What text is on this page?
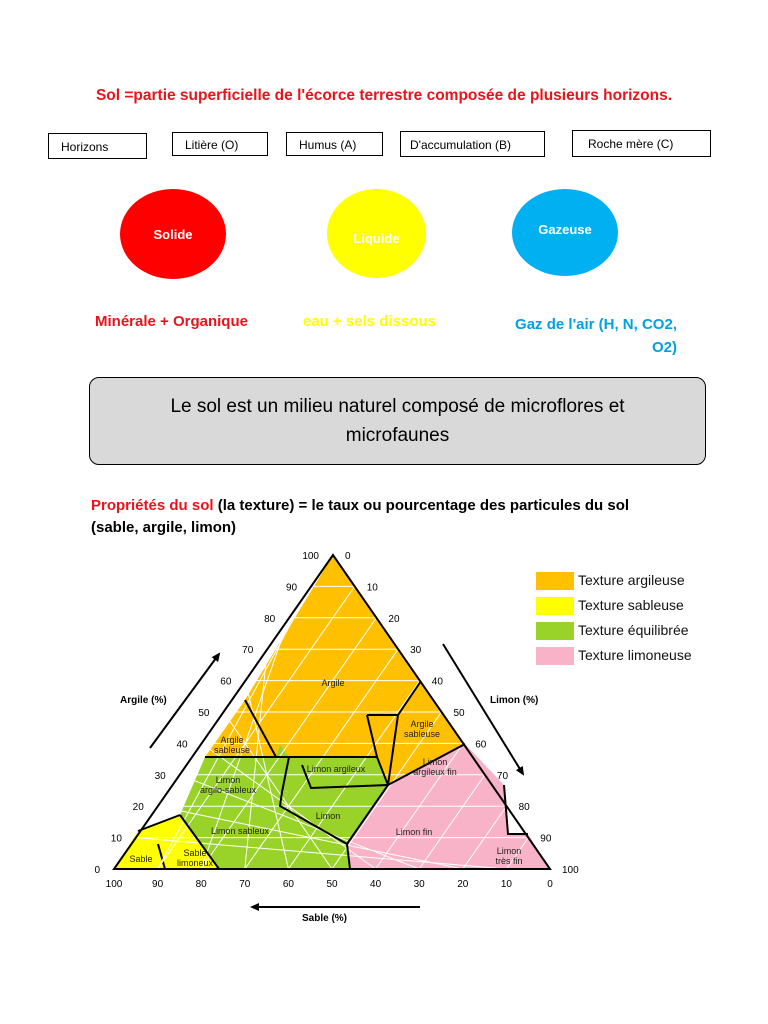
Sol =partie superficielle de l'écorce terrestre composée de plusieurs horizons.
Horizons	Litière (O)	Humus (A)	D'accumulation (B)	Roche mère (C)
Solide	Liquide
Gazeuse
Minérale + Organique	eau + sels dissous	Gaz de l'air (H, N, CO2, O2)
Le sol est un milieu naturel composé de microflores et microfaunes
Propriétés du sol (la texture) = le taux ou pourcentage des particules du sol (sable, argile, limon)
Argile
Argile
sableuse
Argile
sableuse
Limon argileux
Limon
argileux fin
Limon
argilo-sableux
Limon
Limon sableux	Limon fin
Sable
Sable
limoneux
Limon
très fin
0
0
100
10
10
90
20
20
80
30
30
70
40
40
60
50	50
50
60
60
40
70
70
30
80
80
20
90
90
10
100
100
0
Argile (%)	Limon (%)
Sable (%)
Texture argileuse
Texture sableuse
Texture équilibrée
Texture limoneuse
